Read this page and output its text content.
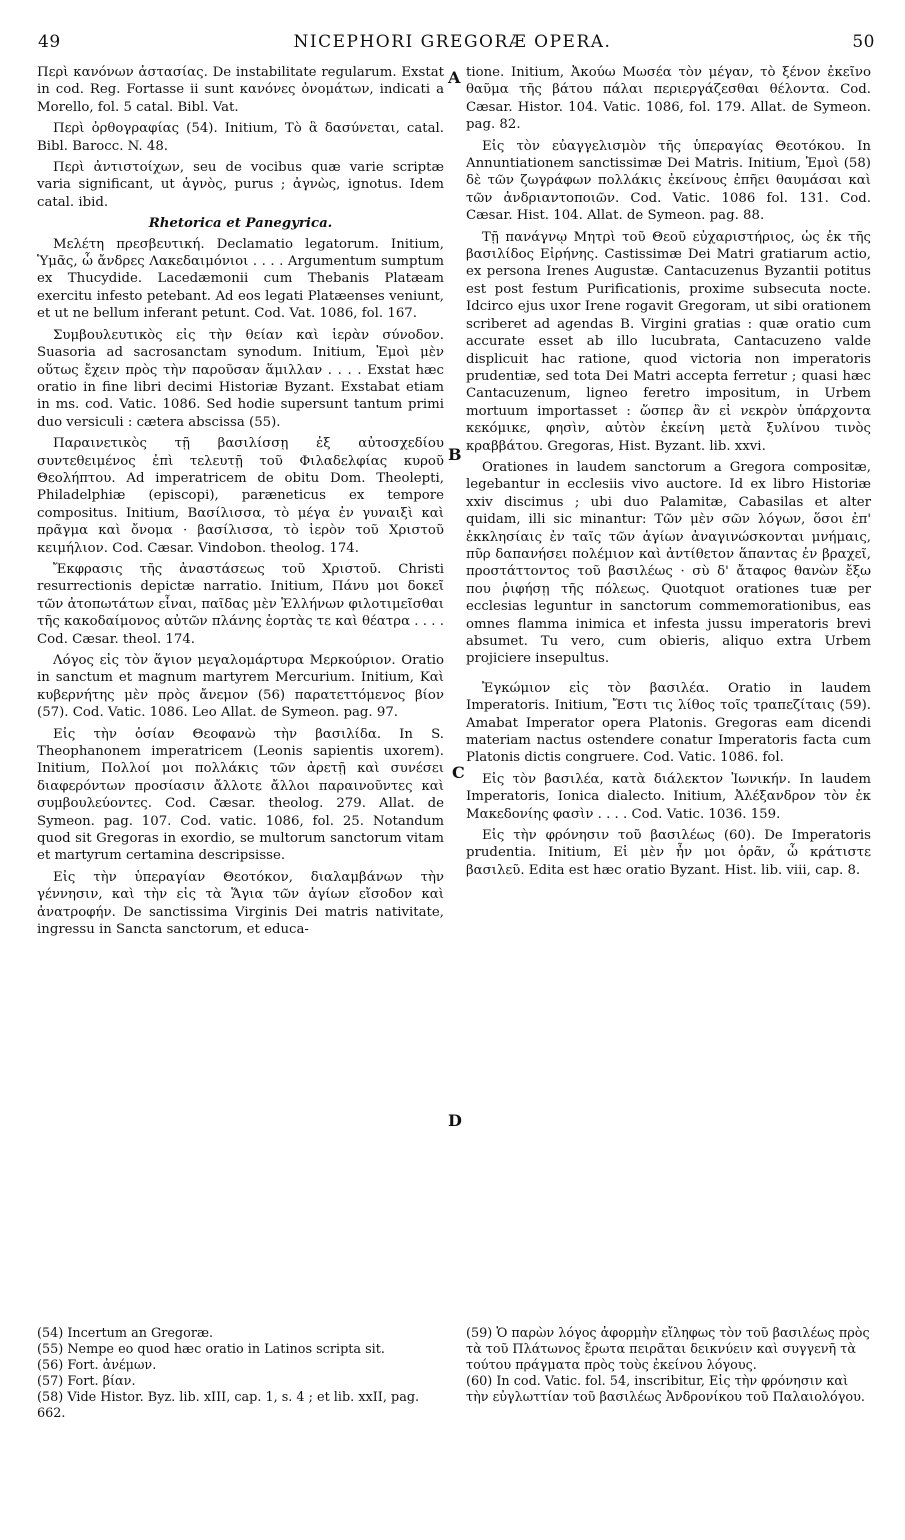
49	NICEPHORI GREGORÆ OPERA.	50
A
B
C
D

Περὶ κανόνων ἀστασίας. De instabilitate regularum. Exstat in cod. Reg. Fortasse ii sunt κανόνες ὀνομάτων, indicati a Morello, fol. 5 catal. Bibl. Vat.

Περὶ ὀρθογραφίας (54). Initium, Τὸ ἃ δασύνεται, catal. Bibl. Barocc. N. 48.

Περὶ ἀντιστοίχων, seu de vocibus quæ varie scriptæ varia significant, ut ἁγνὸς, purus ; ἀγνὼς, ignotus. Idem catal. ibid.

Rhetorica et Panegyrica.

Μελέτη πρεσβευτική. Declamatio legatorum. Initium, Ὑμᾶς, ὦ ἄνδρες Λακεδαιμόνιοι . . . . Argumentum sumptum ex Thucydide. Lacedæmonii cum Thebanis Platæam exercitu infesto petebant. Ad eos legati Platæenses veniunt, et ut ne bellum inferant petunt. Cod. Vat. 1086, fol. 167.

Συμβουλευτικὸς εἰς τὴν θείαν καὶ ἱερὰν σύνοδον. Suasoria ad sacrosanctam synodum. Initium, Ἐμοὶ μὲν οὕτως ἔχειν πρὸς τὴν παροῦσαν ἅμιλλαν . . . . Exstat hæc oratio in fine libri decimi Historiæ Byzant. Exstabat etiam in ms. cod. Vatic. 1086. Sed hodie supersunt tantum primi duo versiculi : cætera abscissa (55).

Παραινετικὸς τῇ βασιλίσσῃ ἐξ αὐτοσχεδίου συντεθειμένος ἐπὶ τελευτῇ τοῦ Φιλαδελφίας κυροῦ Θεολήπτου. Ad imperatricem de obitu Dom. Theolepti, Philadelphiæ (episcopi), paræneticus ex tempore compositus. Initium, Βασίλισσα, τὸ μέγα ἐν γυναιξὶ καὶ πρᾶγμα καὶ ὄνομα · βασίλισσα, τὸ ἱερὸν τοῦ Χριστοῦ κειμήλιον. Cod. Cæsar. Vindobon. theolog. 174.

Ἔκφρασις τῆς ἀναστάσεως τοῦ Χριστοῦ. Christi resurrectionis depictæ narratio. Initium, Πάνυ μοι δοκεῖ τῶν ἀτοπωτάτων εἶναι, παῖδας μὲν Ἑλλήνων φιλοτιμεῖσθαι τῆς κακοδαίμονος αὐτῶν πλάνης ἑορτὰς τε καὶ θέατρα . . . . Cod. Cæsar. theol. 174.

Λόγος εἰς τὸν ἅγιον μεγαλομάρτυρα Μερκούριον. Oratio in sanctum et magnum martyrem Mercurium. Initium, Καὶ κυβερνήτης μὲν πρὸς ἄνεμον (56) παρατεττόμενος βίον (57). Cod. Vatic. 1086. Leo Allat. de Symeon. pag. 97.

Εἰς τὴν ὁσίαν Θεοφανὼ τὴν βασιλίδα. In S. Theophanonem imperatricem (Leonis sapientis uxorem). Initium, Πολλοί μοι πολλάκις τῶν ἀρετῇ καὶ συνέσει διαφερόντων προσίασιν ἄλλοτε ἄλλοι παραινοῦντες καὶ συμβουλεύοντες. Cod. Cæsar. theolog. 279. Allat. de Symeon. pag. 107. Cod. vatic. 1086, fol. 25. Notandum quod sit Gregoras in exordio, se multorum sanctorum vitam et martyrum certamina descripsisse.

Εἰς τὴν ὑπεραγίαν Θεοτόκον, διαλαμβάνων τὴν γέννησιν, καὶ τὴν εἰς τὰ Ἅγια τῶν ἁγίων εἴσοδον καὶ ἀνατροφήν. De sanctissima Virginis Dei matris nativitate, ingressu in Sancta sanctorum, et educa-

tione. Initium, Ἀκούω Μωσέα τὸν μέγαν, τὸ ξένον ἐκεῖνο θαῦμα τῆς βάτου πάλαι περιεργάζεσθαι θέλοντα. Cod. Cæsar. Histor. 104. Vatic. 1086, fol. 179. Allat. de Symeon. pag. 82.

Εἰς τὸν εὐαγγελισμὸν τῆς ὑπεραγίας Θεοτόκου. In Annuntiationem sanctissimæ Dei Matris. Initium, Ἐμοὶ (58) δὲ τῶν ζωγράφων πολλάκις ἐκείνους ἐπῆει θαυμάσαι καὶ τῶν ἀνδριαντοποιῶν. Cod. Vatic. 1086 fol. 131. Cod. Cæsar. Hist. 104. Allat. de Symeon. pag. 88.

Τῇ πανάγνῳ Μητρὶ τοῦ Θεοῦ εὐχαριστήριος, ὡς ἐκ τῆς βασιλίδος Εἰρήνης. Castissimæ Dei Matri gratiarum actio, ex persona Irenes Augustæ. Cantacuzenus Byzantii potitus est post festum Purificationis, proxime subsecuta nocte. Idcirco ejus uxor Irene rogavit Gregoram, ut sibi orationem scriberet ad agendas B. Virgini gratias : quæ oratio cum accurate esset ab illo lucubrata, Cantacuzeno valde displicuit hac ratione, quod victoria non imperatoris prudentiæ, sed tota Dei Matri accepta ferretur ; quasi hæc Cantacuzenum, ligneo feretro impositum, in Urbem mortuum importasset : ὥσπερ ἂν εἰ νεκρὸν ὑπάρχοντα κεκόμικε, φησὶν, αὐτὸν ἐκείνη μετὰ ξυλίνου τινὸς κραββάτου. Gregoras, Hist. Byzant. lib. xxvi.

Orationes in laudem sanctorum a Gregora compositæ, legebantur in ecclesiis vivo auctore. Id ex libro Historiæ xxiv discimus ; ubi duo Palamitæ, Cabasilas et alter quidam, illi sic minantur: Τῶν μὲν σῶν λόγων, ὅσοι ἐπ' ἐκκλησίαις ἐν ταῖς τῶν ἁγίων ἀναγινώσκονται μνήμαις, πῦρ δαπανήσει πολέμιον καὶ ἀντίθετον ἅπαντας ἐν βραχεῖ, προστάττοντος τοῦ βασιλέως · σὺ δ' ἄταφος θανὼν ἔξω που ῥιφήσῃ τῆς πόλεως. Quotquot orationes tuæ per ecclesias leguntur in sanctorum commemorationibus, eas omnes flamma inimica et infesta jussu imperatoris brevi absumet. Tu vero, cum obieris, aliquo extra Urbem projiciere insepultus.

Ἐγκώμιον εἰς τὸν βασιλέα. Oratio in laudem Imperatoris. Initium, Ἔστι τις λίθος τοῖς τραπεζίταις (59). Amabat Imperator opera Platonis. Gregoras eam dicendi materiam nactus ostendere conatur Imperatoris facta cum Platonis dictis congruere. Cod. Vatic. 1086. fol.

Εἰς τὸν βασιλέα, κατὰ διάλεκτον Ἰωνικήν. In laudem Imperatoris, Ionica dialecto. Initium, Ἀλέξανδρον τὸν ἐκ Μακεδονίης φασὶν . . . . Cod. Vatic. 1036. 159.

Εἰς τὴν φρόνησιν τοῦ βασιλέως (60). De Imperatoris prudentia. Initium, Εἰ μὲν ἦν μοι ὁρᾶν, ὦ κράτιστε βασιλεῦ. Edita est hæc oratio Byzant. Hist. lib. viii, cap. 8.

(54) Incertum an Gregoræ.
(55) Nempe eo quod hæc oratio in Latinos scripta sit.
(56) Fort. ἀνέμων.
(57) Fort. βίαν.
(58) Vide Histor. Byz. lib. xIII, cap. 1, s. 4 ; et lib. xxII, pag. 662.
(59) Ὁ παρὼν λόγος ἀφορμὴν εἴληφως τὸν τοῦ βασιλέως πρὸς τὰ τοῦ Πλάτωνος ἔρωτα πειρᾶται δεικνύειν καὶ συγγενῆ τὰ τούτου πράγματα πρὸς τοὺς ἐκείνου λόγους.
(60) In cod. Vatic. fol. 54, inscribitur, Εἰς τὴν φρόνησιν καὶ τὴν εὐγλωττίαν τοῦ βασιλέως Ἀνδρονίκου τοῦ Παλαιολόγου.
